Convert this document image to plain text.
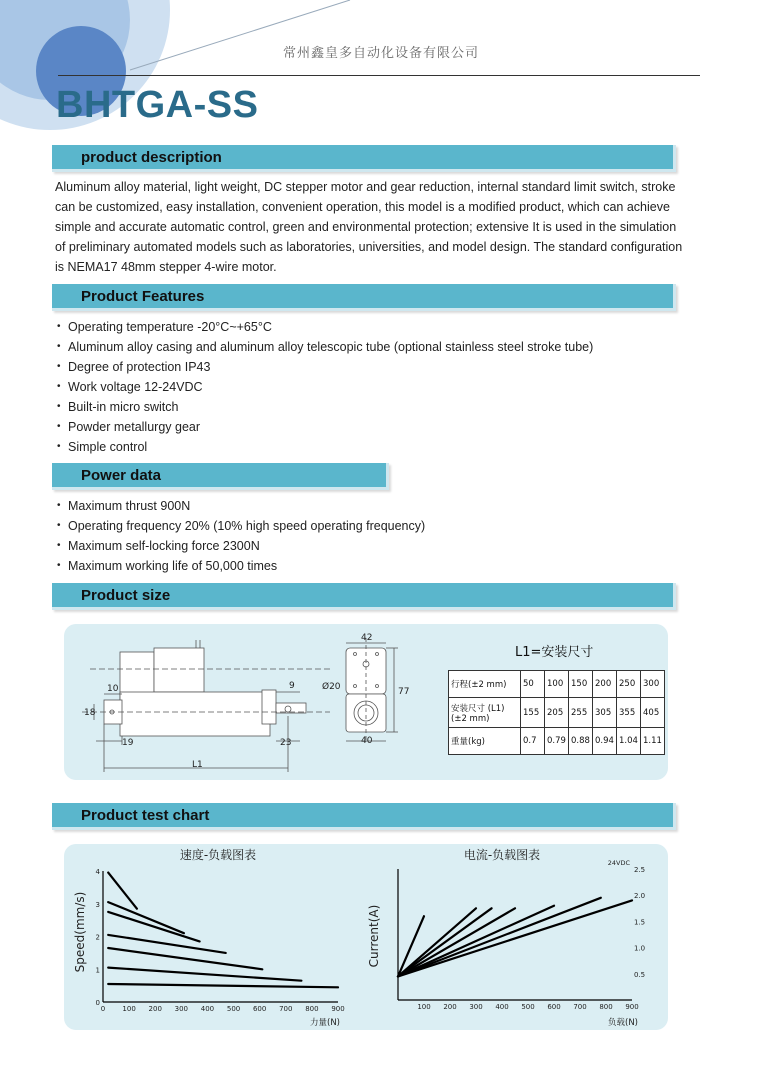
常州鑫皇多自动化设备有限公司
BHTGA-SS
product description
Aluminum alloy material, light weight, DC stepper motor and gear reduction, internal standard limit switch, stroke can be customized, easy installation, convenient operation, this model is a modified product, which can achieve simple and accurate automatic control, green and environmental protection; extensive It is used in the simulation of preliminary automated models such as laboratories, universities, and model design. The standard configuration is NEMA17 48mm stepper 4-wire motor.
Product Features
• Operating temperature -20°C~+65°C
• Aluminum alloy casing and aluminum alloy telescopic tube (optional stainless steel stroke tube)
• Degree of protection IP43
• Work voltage 12-24VDC
• Built-in micro switch
• Powder metallurgy gear
• Simple control
Power data
• Maximum thrust 900N
• Operating frequency 20% (10% high speed operating frequency)
• Maximum self-locking force 2300N
• Maximum working life of 50,000 times
Product size
10
18
19
9
23
Ø20
L1
42
77
40
L1=安装尺寸
行程(±2 mm)	50	100	150	200	250	300
安装尺寸 (L1)(±2 mm)	155	205	255	305	355	405
重量(kg)	0.7	0.79	0.88	0.94	1.04	1.11
Product test chart
速度-负载图表
Speed(mm/s)
力量(N)
0 100 200 300 400 500 600 700 800 900
0
1
2
3
4
电流-负载图表
Current(A)
负载(N)
24VDC
100 200 300 400 500 600 700 800 900
0.5
1.0
1.5
2.0
2.5
